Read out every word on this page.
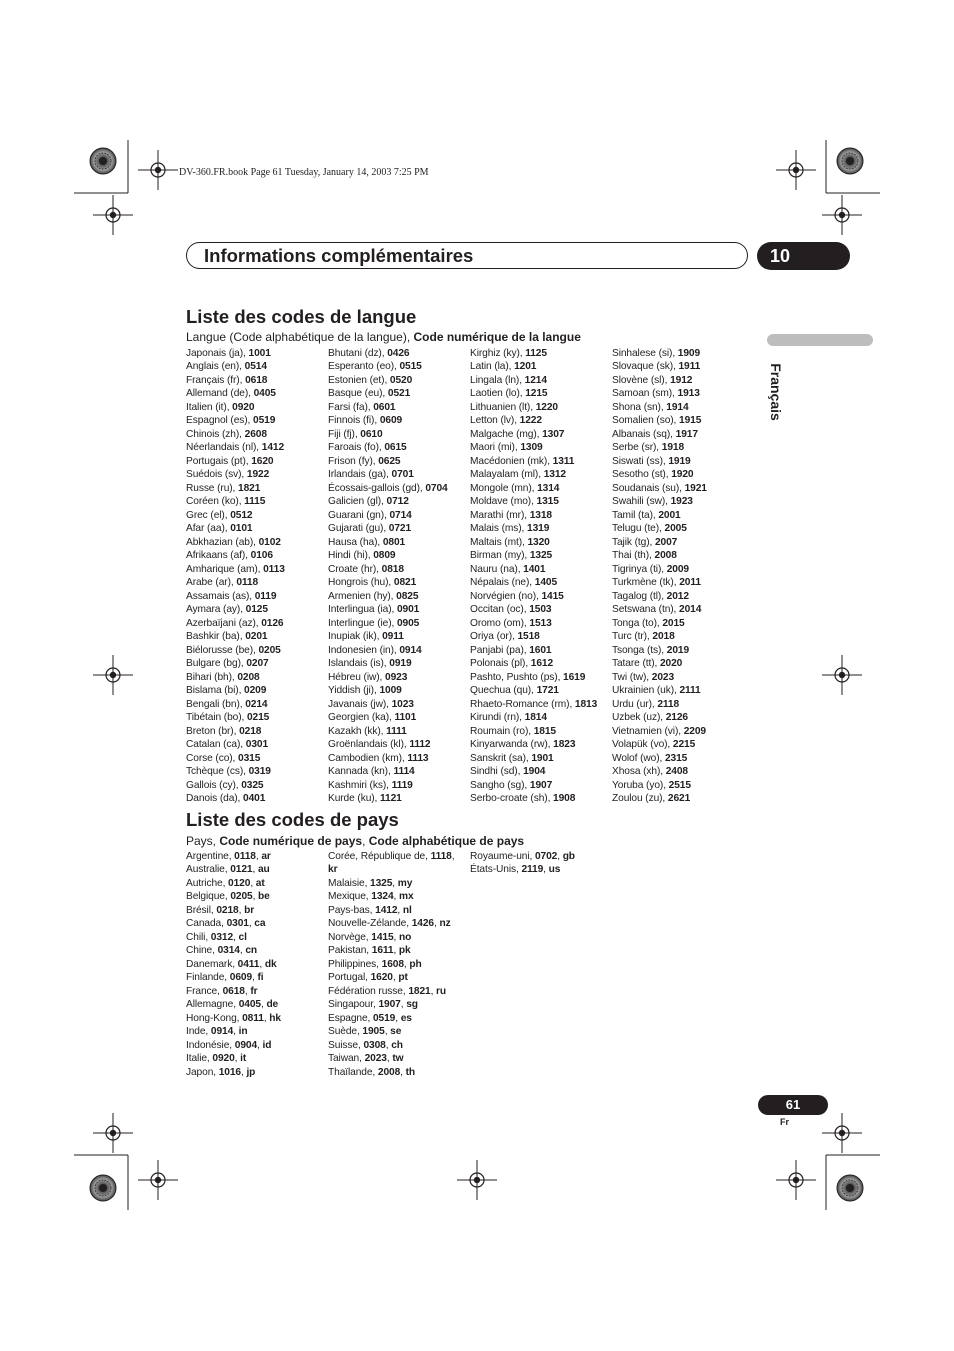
DV-360.FR.book Page 61 Tuesday, January 14, 2003 7:25 PM
Informations complémentaires	10
Français
Liste des codes de langue
Langue (Code alphabétique de la langue), Code numérique de la langue
Japonais (ja), 1001
Anglais (en), 0514
Français (fr), 0618
Allemand (de), 0405
Italien (it), 0920
Espagnol (es), 0519
Chinois (zh), 2608
Néerlandais (nl), 1412
Portugais (pt), 1620
Suédois (sv), 1922
Russe (ru), 1821
Coréen (ko), 1115
Grec (el), 0512
Afar (aa), 0101
Abkhazian (ab), 0102
Afrikaans (af), 0106
Amharique (am), 0113
Arabe (ar), 0118
Assamais (as), 0119
Aymara (ay), 0125
Azerbaïjani (az), 0126
Bashkir (ba), 0201
Biélorusse (be), 0205
Bulgare (bg), 0207
Bihari (bh), 0208
Bislama (bi), 0209
Bengali (bn), 0214
Tibétain (bo), 0215
Breton (br), 0218
Catalan (ca), 0301
Corse (co), 0315
Tchèque (cs), 0319
Gallois (cy), 0325
Danois (da), 0401
Bhutani (dz), 0426
Esperanto (eo), 0515
Estonien (et), 0520
Basque (eu), 0521
Farsi (fa), 0601
Finnois (fi), 0609
Fiji (fj), 0610
Faroais (fo), 0615
Frison (fy), 0625
Irlandais (ga), 0701
Écossais-gallois (gd), 0704
Galicien (gl), 0712
Guarani (gn), 0714
Gujarati (gu), 0721
Hausa (ha), 0801
Hindi (hi), 0809
Croate (hr), 0818
Hongrois (hu), 0821
Armenien (hy), 0825
Interlingua (ia), 0901
Interlingue (ie), 0905
Inupiak (ik), 0911
Indonesien (in), 0914
Islandais (is), 0919
Hébreu (iw), 0923
Yiddish (ji), 1009
Javanais (jw), 1023
Georgien (ka), 1101
Kazakh (kk), 1111
Groënlandais (kl), 1112
Cambodien (km), 1113
Kannada (kn), 1114
Kashmiri (ks), 1119
Kurde (ku), 1121
Kirghiz (ky), 1125
Latin (la), 1201
Lingala (ln), 1214
Laotien (lo), 1215
Lithuanien (lt), 1220
Letton (lv), 1222
Malgache (mg), 1307
Maori (mi), 1309
Macédonien (mk), 1311
Malayalam (ml), 1312
Mongole (mn), 1314
Moldave (mo), 1315
Marathi (mr), 1318
Malais (ms), 1319
Maltais (mt), 1320
Birman (my), 1325
Nauru (na), 1401
Népalais (ne), 1405
Norvégien (no), 1415
Occitan (oc), 1503
Oromo (om), 1513
Oriya (or), 1518
Panjabi (pa), 1601
Polonais (pl), 1612
Pashto, Pushto (ps), 1619
Quechua (qu), 1721
Rhaeto-Romance (rm), 1813
Kirundi (rn), 1814
Roumain (ro), 1815
Kinyarwanda (rw), 1823
Sanskrit (sa), 1901
Sindhi (sd), 1904
Sangho (sg), 1907
Serbo-croate (sh), 1908
Sinhalese (si), 1909
Slovaque (sk), 1911
Slovène (sl), 1912
Samoan (sm), 1913
Shona (sn), 1914
Somalien (so), 1915
Albanais (sq), 1917
Serbe (sr), 1918
Siswati (ss), 1919
Sesotho (st), 1920
Soudanais (su), 1921
Swahili (sw), 1923
Tamil (ta), 2001
Telugu (te), 2005
Tajik (tg), 2007
Thai (th), 2008
Tigrinya (ti), 2009
Turkmène (tk), 2011
Tagalog (tl), 2012
Setswana (tn), 2014
Tonga (to), 2015
Turc (tr), 2018
Tsonga (ts), 2019
Tatare (tt), 2020
Twi (tw), 2023
Ukrainien (uk), 2111
Urdu (ur), 2118
Uzbek (uz), 2126
Vietnamien (vi), 2209
Volapük (vo), 2215
Wolof (wo), 2315
Xhosa (xh), 2408
Yoruba (yo), 2515
Zoulou (zu), 2621
Liste des codes de pays
Pays, Code numérique de pays, Code alphabétique de pays
Argentine, 0118, ar
Australie, 0121, au
Autriche, 0120, at
Belgique, 0205, be
Brésil, 0218, br
Canada, 0301, ca
Chili, 0312, cl
Chine, 0314, cn
Danemark, 0411, dk
Finlande, 0609, fi
France, 0618, fr
Allemagne, 0405, de
Hong-Kong, 0811, hk
Inde, 0914, in
Indonésie, 0904, id
Italie, 0920, it
Japon, 1016, jp
Corée, République de, 1118,
kr
Malaisie, 1325, my
Mexique, 1324, mx
Pays-bas, 1412, nl
Nouvelle-Zélande, 1426, nz
Norvège, 1415, no
Pakistan, 1611, pk
Philippines, 1608, ph
Portugal, 1620, pt
Fédération russe, 1821, ru
Singapour, 1907, sg
Espagne, 0519, es
Suède, 1905, se
Suisse, 0308, ch
Taiwan, 2023, tw
Thaïlande, 2008, th
Royaume-uni, 0702, gb
États-Unis, 2119, us
61
Fr
